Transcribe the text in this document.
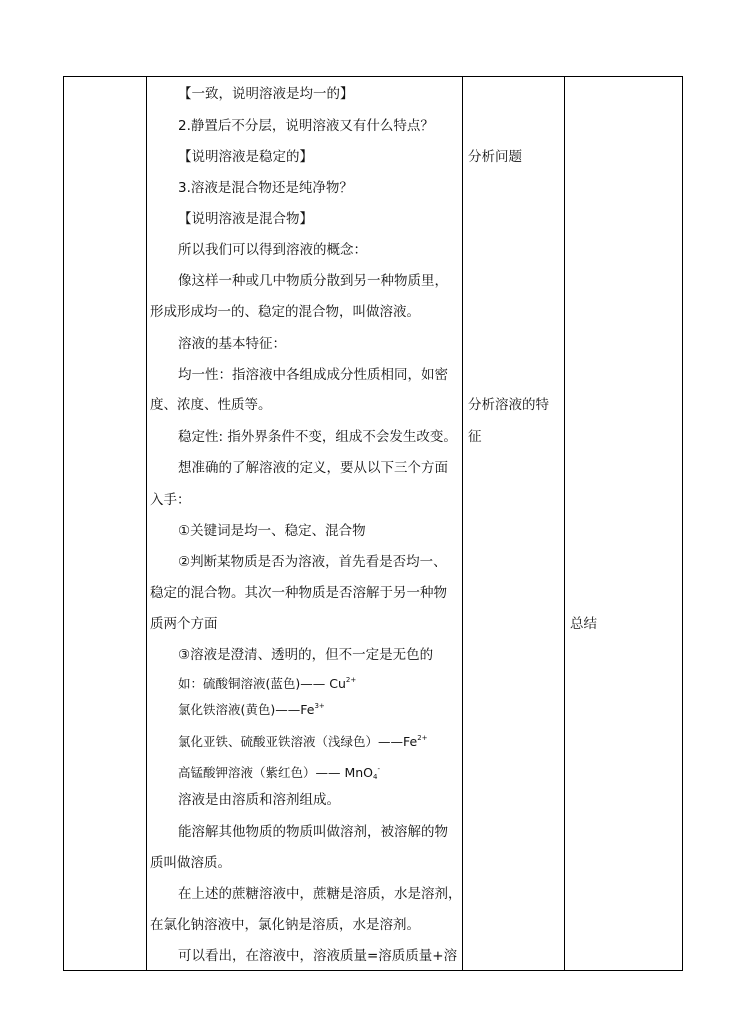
【一致，说明溶液是均一的】
2.静置后不分层，说明溶液又有什么特点？
【说明溶液是稳定的】
3.溶液是混合物还是纯净物？
【说明溶液是混合物】
所以我们可以得到溶液的概念：
像这样一种或几中物质分散到另一种物质里，
形成形成均一的、稳定的混合物，叫做溶液。
溶液的基本特征：
均一性：指溶液中各组成成分性质相同，如密
度、浓度、性质等。
稳定性: 指外界条件不变，组成不会发生改变。
想准确的了解溶液的定义，要从以下三个方面
入手：
①关键词是均一、稳定、混合物
②判断某物质是否为溶液，首先看是否均一、
稳定的混合物。其次一种物质是否溶解于另一种物
质两个方面
③溶液是澄清、透明的，但不一定是无色的
如：硫酸铜溶液(蓝色)—— $Cu^{2+}$
氯化铁溶液(黄色)$——Fe^{3+}$
氯化亚铁、硫酸亚铁溶液（浅绿色）$——Fe^{2+}$
高锰酸钾溶液（紫红色）—— MnO$_4$-
溶液是由溶质和溶剂组成。
能溶解其他物质的物质叫做溶剂，被溶解的物
质叫做溶质。
在上述的蔗糖溶液中，蔗糖是溶质，水是溶剂，
在氯化钠溶液中，氯化钠是溶质，水是溶剂。
可以看出，在溶液中，溶液质量=溶质质量+溶
分析问题
分析溶液的特
征
总结
